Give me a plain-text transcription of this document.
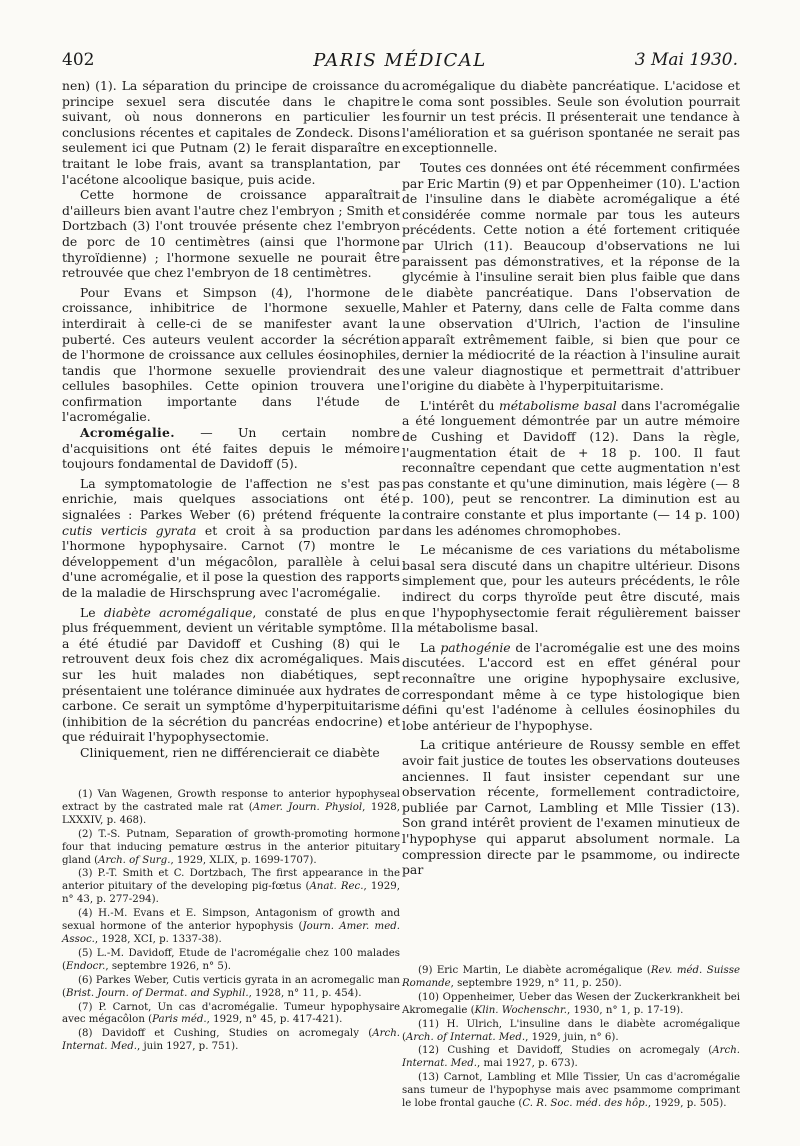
402	PARIS MÉDICAL	3 Mai 1930.

nen) (1). La séparation du principe de croissance du principe sexuel sera discutée dans le chapitre suivant, où nous donnerons en particulier les conclusions récentes et capitales de Zondeck. Disons seulement ici que Putnam (2) le ferait disparaître en traitant le lobe frais, avant sa transplantation, par l'acétone alcoolique basique, puis acide.

Cette hormone de croissance apparaîtrait d'ailleurs bien avant l'autre chez l'embryon ; Smith et Dortzbach (3) l'ont trouvée présente chez l'embryon de porc de 10 centimètres (ainsi que l'hormone thyroïdienne) ; l'hormone sexuelle ne pourait être retrouvée que chez l'embryon de 18 centimètres.

Pour Evans et Simpson (4), l'hormone de croissance, inhibitrice de l'hormone sexuelle, interdirait à celle-ci de se manifester avant la puberté. Ces auteurs veulent accorder la sécrétion de l'hormone de croissance aux cellules éosinophiles, tandis que l'hormone sexuelle proviendrait des cellules basophiles. Cette opinion trouvera une confirmation importante dans l'étude de l'acromégalie.

Acromégalie. — Un certain nombre d'acquisitions ont été faites depuis le mémoire toujours fondamental de Davidoff (5).

La symptomatologie de l'affection ne s'est pas enrichie, mais quelques associations ont été signalées : Parkes Weber (6) prétend fréquente la cutis verticis gyrata et croit à sa production par l'hormone hypophysaire. Carnot (7) montre le développement d'un mégacôlon, parallèle à celui d'une acromégalie, et il pose la question des rapports de la maladie de Hirschsprung avec l'acromégalie.

Le diabète acromégalique, constaté de plus en plus fréquemment, devient un véritable symptôme. Il a été étudié par Davidoff et Cushing (8) qui le retrouvent deux fois chez dix acromégaliques. Mais sur les huit malades non diabétiques, sept présentaient une tolérance diminuée aux hydrates de carbone. Ce serait un symptôme d'hyperpituitarisme (inhibition de la sécrétion du pancréas endocrine) et que réduirait l'hypophysectomie.

Cliniquement, rien ne différencierait ce diabète

acromégalique du diabète pancréatique. L'acidose et le coma sont possibles. Seule son évolution pourrait fournir un test précis. Il présenterait une tendance à l'amélioration et sa guérison spontanée ne serait pas exceptionnelle.

Toutes ces données ont été récemment confirmées par Eric Martin (9) et par Oppenheimer (10). L'action de l'insuline dans le diabète acromégalique a été considérée comme normale par tous les auteurs précédents. Cette notion a été fortement critiquée par Ulrich (11). Beaucoup d'observations ne lui paraissent pas démonstratives, et la réponse de la glycémie à l'insuline serait bien plus faible que dans le diabète pancréatique. Dans l'observation de Mahler et Paterny, dans celle de Falta comme dans une observation d'Ulrich, l'action de l'insuline apparaît extrêmement faible, si bien que pour ce dernier la médiocrité de la réaction à l'insuline aurait une valeur diagnostique et permettrait d'attribuer l'origine du diabète à l'hyperpituitarisme.

L'intérêt du métabolisme basal dans l'acromégalie a été longuement démontrée par un autre mémoire de Cushing et Davidoff (12). Dans la règle, l'augmentation était de + 18 p. 100. Il faut reconnaître cependant que cette augmentation n'est pas constante et qu'une diminution, mais légère (— 8 p. 100), peut se rencontrer. La diminution est au contraire constante et plus importante (— 14 p. 100) dans les adénomes chromophobes.

Le mécanisme de ces variations du métabolisme basal sera discuté dans un chapitre ultérieur. Disons simplement que, pour les auteurs précédents, le rôle indirect du corps thyroïde peut être discuté, mais que l'hypophysectomie ferait régulièrement baisser la métabolisme basal.

La pathogénie de l'acromégalie est une des moins discutées. L'accord est en effet général pour reconnaître une origine hypophysaire exclusive, correspondant même à ce type histologique bien défini qu'est l'adénome à cellules éosinophiles du lobe antérieur de l'hypophyse.

La critique antérieure de Roussy semble en effet avoir fait justice de toutes les observations douteuses anciennes. Il faut insister cependant sur une observation récente, formellement contradictoire, publiée par Carnot, Lambling et Mlle Tissier (13). Son grand intérêt provient de l'examen minutieux de l'hypophyse qui apparut absolument normale. La compression directe par le psammome, ou indirecte par

(1) Van Wagenen, Growth response to anterior hypophyseal extract by the castrated male rat (Amer. Journ. Physiol, 1928, LXXXIV, p. 468).

(2) T.-S. Putnam, Separation of growth-promoting hormone four that inducing pemature œstrus in the anterior pituitary gland (Arch. of Surg., 1929, XLIX, p. 1699-1707).

(3) P.-T. Smith et C. Dortzbach, The first appearance in the anterior pituitary of the developing pig-fœtus (Anat. Rec., 1929, n° 43, p. 277-294).

(4) H.-M. Evans et E. Simpson, Antagonism of growth and sexual hormone of the anterior hypophysis (Journ. Amer. med. Assoc., 1928, XCI, p. 1337-38).

(5) L.-M. Davidoff, Etude de l'acromégalie chez 100 malades (Endocr., septembre 1926, n° 5).

(6) Parkes Weber, Cutis verticis gyrata in an acromegalic man (Brist. Journ. of Dermat. and Syphil., 1928, n° 11, p. 454).

(7) P. Carnot, Un cas d'acromégalie. Tumeur hypophysaire avec mégacôlon (Paris méd., 1929, n° 45, p. 417-421).

(8) Davidoff et Cushing, Studies on acromegaly (Arch. Internat. Med., juin 1927, p. 751).

(9) Eric Martin, Le diabète acromégalique (Rev. méd. Suisse Romande, septembre 1929, n° 11, p. 250).

(10) Oppenheimer, Ueber das Wesen der Zuckerkrankheit bei Akromegalie (Klin. Wochenschr., 1930, n° 1, p. 17-19).

(11) H. Ulrich, L'insuline dans le diabète acromégalique (Arch. of Internat. Med., 1929, juin, n° 6).

(12) Cushing et Davidoff, Studies on acromegaly (Arch. Internat. Med., mai 1927, p. 673).

(13) Carnot, Lambling et Mlle Tissier, Un cas d'acromégalie sans tumeur de l'hypophyse mais avec psammome comprimant le lobe frontal gauche (C. R. Soc. méd. des hôp., 1929, p. 505).
